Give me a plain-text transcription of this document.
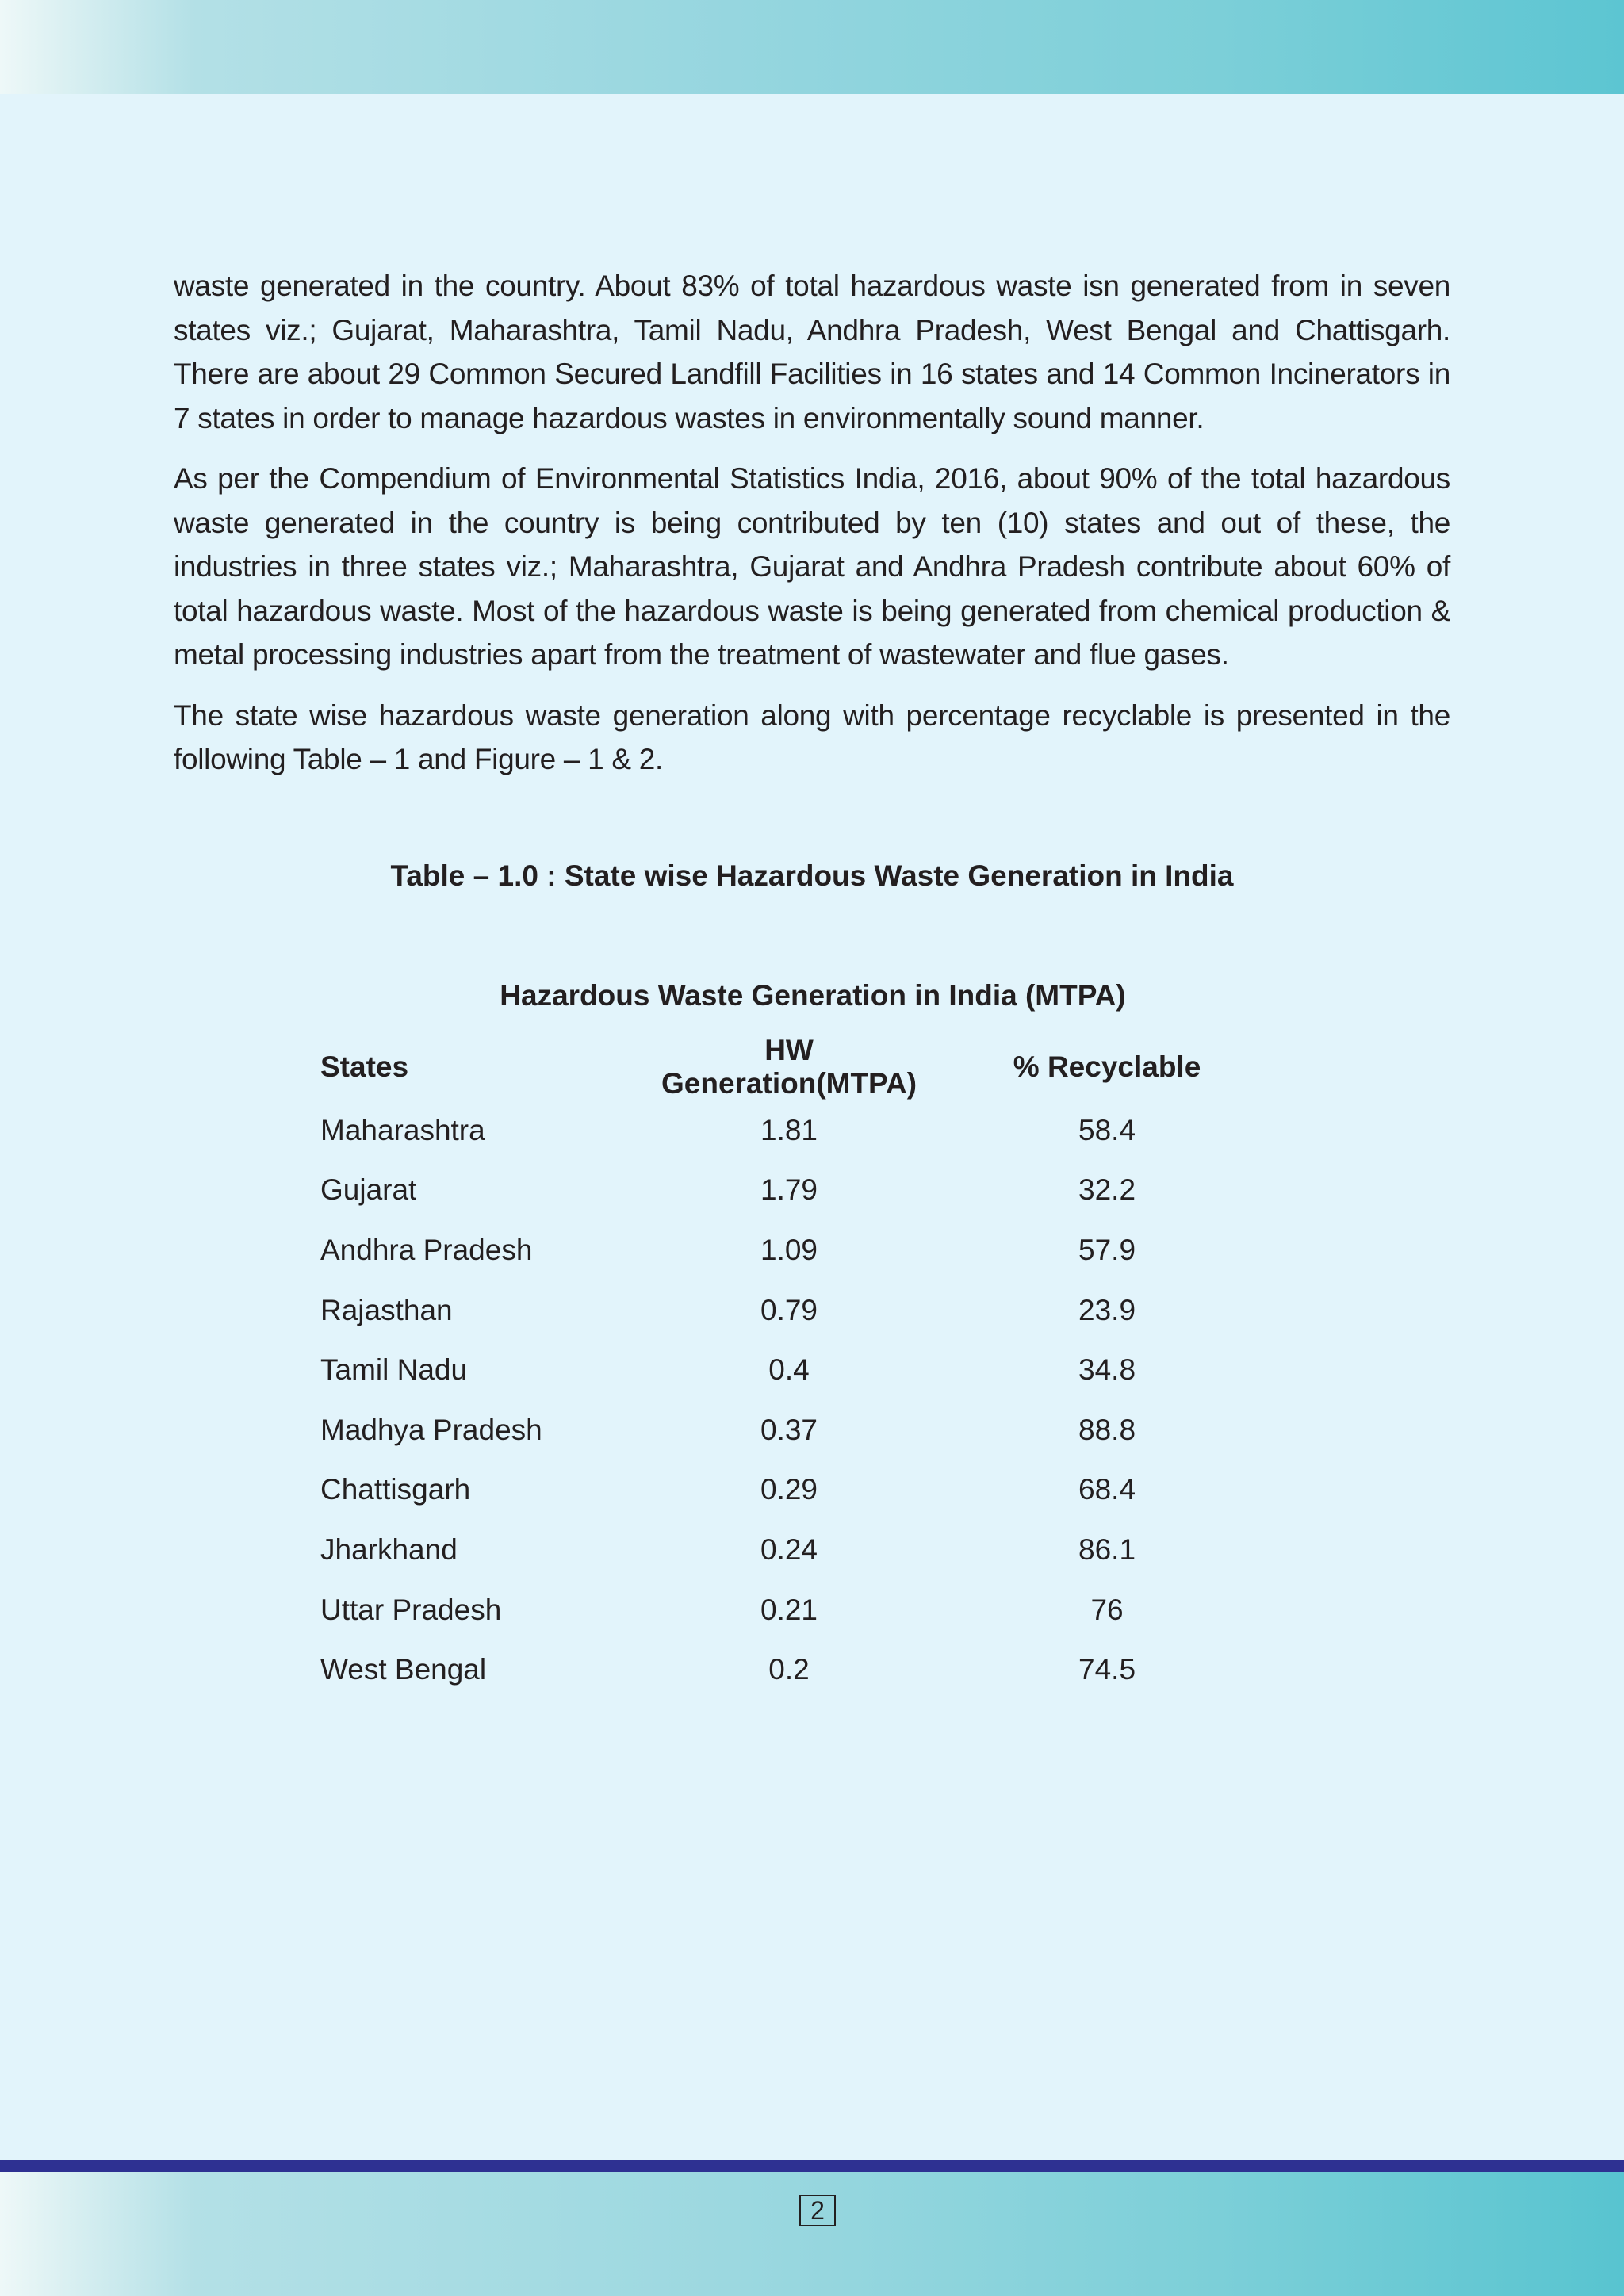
waste generated in the country. About 83% of total hazardous waste isn generated from in seven states viz.; Gujarat, Maharashtra, Tamil Nadu, Andhra Pradesh, West Bengal and Chattisgarh. There are about 29 Common Secured Landfill Facilities in 16 states and 14 Common Incinerators in 7 states in order to manage hazardous wastes in environmentally sound manner.

As per the Compendium of Environmental Statistics India, 2016, about 90% of the total hazardous waste generated in the country is being contributed by ten (10) states and out of these, the industries in three states viz.; Maharashtra, Gujarat and Andhra Pradesh contribute about 60% of total hazardous waste. Most of the hazardous waste is being generated from chemical production & metal processing industries apart from the treatment of wastewater and flue gases.

The state wise hazardous waste generation along with percentage recyclable is presented in the following Table – 1 and Figure – 1 & 2.

Table – 1.0 : State wise Hazardous Waste Generation in India
Hazardous Waste Generation in India (MTPA)
States	HW Generation(MTPA)	% Recyclable
Maharashtra	1.81	58.4
Gujarat	1.79	32.2
Andhra Pradesh	1.09	57.9
Rajasthan	0.79	23.9
Tamil Nadu	0.4	34.8
Madhya Pradesh	0.37	88.8
Chattisgarh	0.29	68.4
Jharkhand	0.24	86.1
Uttar Pradesh	0.21	76
West Bengal	0.2	74.5
2
